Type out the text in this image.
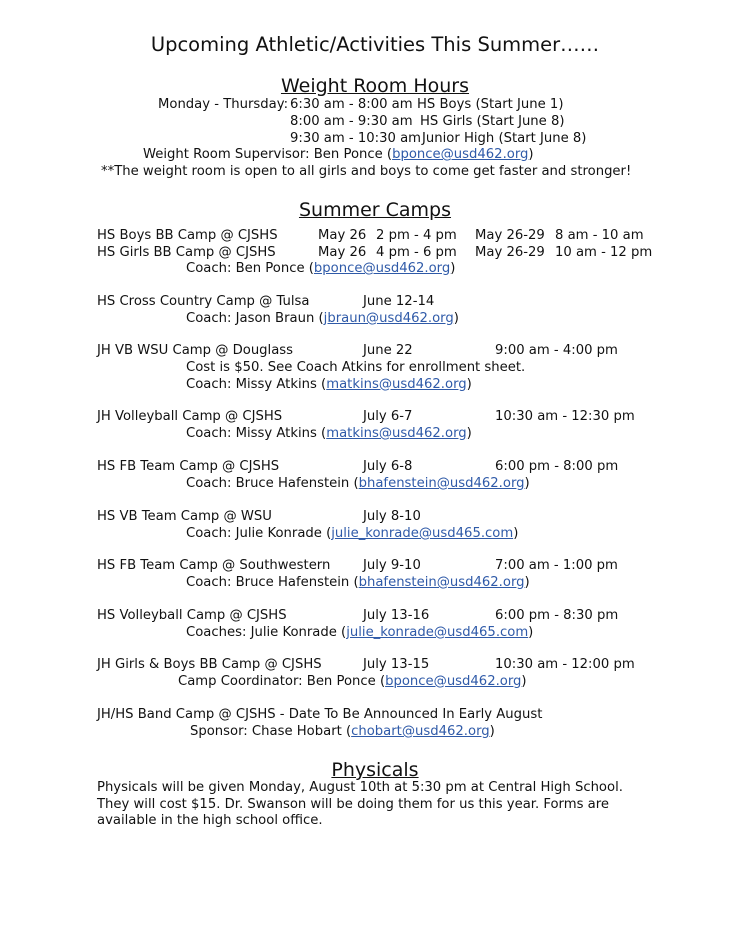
Upcoming Athletic/Activities This Summer……
Weight Room Hours
Monday - Thursday: 6:30 am - 8:00 am HS Boys (Start June 1)
8:00 am - 9:30 am HS Girls (Start June 8)
9:30 am - 10:30 am Junior High (Start June 8)
Weight Room Supervisor: Ben Ponce (bponce@usd462.org)
**The weight room is open to all girls and boys to come get faster and stronger!
Summer Camps
HS Boys BB Camp @ CJSHS	May 26 2 pm - 4 pm May 26-29 8 am - 10 am
HS Girls BB Camp @ CJSHS	May 26 4 pm - 6 pm May 26-29 10 am - 12 pm
Coach: Ben Ponce (bponce@usd462.org)
HS Cross Country Camp @ Tulsa	June 12-14
Coach: Jason Braun (jbraun@usd462.org)
JH VB WSU Camp @ Douglass	June 22	9:00 am - 4:00 pm
Cost is $50. See Coach Atkins for enrollment sheet.
Coach: Missy Atkins (matkins@usd462.org)
JH Volleyball Camp @ CJSHS	July 6-7	10:30 am - 12:30 pm
Coach: Missy Atkins (matkins@usd462.org)
HS FB Team Camp @ CJSHS	July 6-8	6:00 pm - 8:00 pm
Coach: Bruce Hafenstein (bhafenstein@usd462.org)
HS VB Team Camp @ WSU	July 8-10
Coach: Julie Konrade (julie_konrade@usd465.com)
HS FB Team Camp @ Southwestern July 9-10	7:00 am - 1:00 pm
Coach: Bruce Hafenstein (bhafenstein@usd462.org)
HS Volleyball Camp @ CJSHS	July 13-16	6:00 pm - 8:30 pm
Coaches: Julie Konrade (julie_konrade@usd465.com)
JH Girls & Boys BB Camp @ CJSHS	July 13-15	10:30 am - 12:00 pm
Camp Coordinator: Ben Ponce (bponce@usd462.org)
JH/HS Band Camp @ CJSHS - Date To Be Announced In Early August
Sponsor: Chase Hobart (chobart@usd462.org)
Physicals
Physicals will be given Monday, August 10th at 5:30 pm at Central High School. They will cost $15. Dr. Swanson will be doing them for us this year. Forms are available in the high school office.
